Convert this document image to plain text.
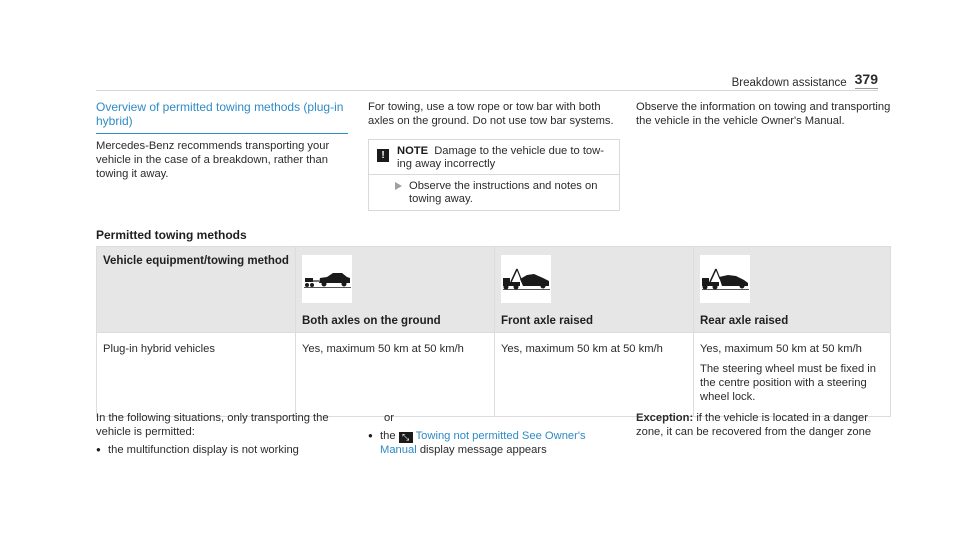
Breakdown assistance 379
Overview of permitted towing methods (plug-in hybrid)
Mercedes-Benz recommends transporting your vehicle in the case of a breakdown, rather than towing it away.
For towing, use a tow rope or tow bar with both axles on the ground. Do not use tow bar systems.
!	NOTE Damage to the vehicle due to towing away incorrectly
Observe the instructions and notes on towing away.
Observe the information on towing and transporting the vehicle in the vehicle Owner's Manual.
Permitted towing methods
Vehicle equipment/towing method	Both axles on the ground	Front axle raised	Rear axle raised

Plug-in hybrid vehicles	Yes, maximum 50 km at 50 km/h	Yes, maximum 50 km at 50 km/h	Yes, maximum 50 km at 50 km/h

The steering wheel must be fixed in the centre position with a steering wheel lock.

In the following situations, only transporting the vehicle is permitted:
● the multifunction display is not working
or
● the ⤡ Towing not permitted See Owner's Manual display message appears
Exception: if the vehicle is located in a danger zone, it can be recovered from the danger zone
